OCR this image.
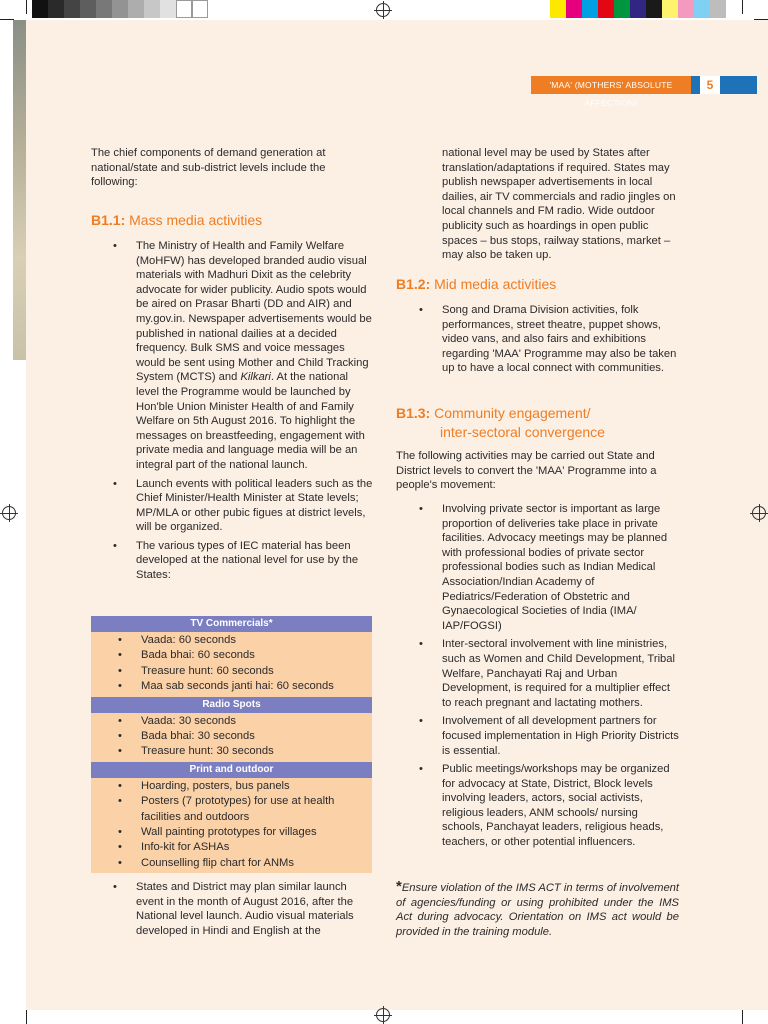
'MAA' (MOTHERS' ABSOLUTE AFFECTION)
5
The chief components of demand generation at national/state and sub-district levels include the following:
B1.1: Mass media activities
• The Ministry of Health and Family Welfare (MoHFW) has developed branded audio visual materials with Madhuri Dixit as the celebrity advocate for wider publicity. Audio spots would be aired on Prasar Bharti (DD and AIR) and my.gov.in. Newspaper advertisements would be published in national dailies at a decided frequency. Bulk SMS and voice messages would be sent using Mother and Child Tracking System (MCTS) and Kilkari. At the national level the Programme would be launched by Hon'ble Union Minister Health of and Family Welfare on 5th August 2016. To highlight the messages on breastfeeding, engagement with private media and language media will be an integral part of the national launch.
• Launch events with political leaders such as the Chief Minister/Health Minister at State levels; MP/MLA or other pubic figues at district levels, will be organized.
• The various types of IEC material has been developed at the national level for use by the States:
TV Commercials*
• Vaada: 60 seconds
• Bada bhai: 60 seconds
• Treasure hunt: 60 seconds
• Maa sab seconds janti hai: 60 seconds
Radio Spots
• Vaada: 30 seconds
• Bada bhai: 30 seconds
• Treasure hunt: 30 seconds
Print and outdoor
• Hoarding, posters, bus panels
• Posters (7 prototypes) for use at health facilities and outdoors
• Wall painting prototypes for villages
• Info-kit for ASHAs
• Counselling flip chart for ANMs
• States and District may plan similar launch event in the month of August 2016, after the National level launch. Audio visual materials developed in Hindi and English at the
national level may be used by States after translation/adaptations if required. States may publish newspaper advertisements in local dailies, air TV commercials and radio jingles on local channels and FM radio. Wide outdoor publicity such as hoardings in open public spaces – bus stops, railway stations, market – may also be taken up.
B1.2: Mid media activities
• Song and Drama Division activities, folk performances, street theatre, puppet shows, video vans, and also fairs and exhibitions regarding 'MAA' Programme may also be taken up to have a local connect with communities.
B1.3: Community engagement/
inter-sectoral convergence
The following activities may be carried out State and District levels to convert the 'MAA' Programme into a people's movement:
• Involving private sector is important as large proportion of deliveries take place in private facilities. Advocacy meetings may be planned with professional bodies of private sector professional bodies such as Indian Medical Association/Indian Academy of Pediatrics/Federation of Obstetric and Gynaecological Societies of India (IMA/ IAP/FOGSI)
• Inter-sectoral involvement with line ministries, such as Women and Child Development, Tribal Welfare, Panchayati Raj and Urban Development, is required for a multiplier effect to reach pregnant and lactating mothers.
• Involvement of all development partners for focused implementation in High Priority Districts is essential.
• Public meetings/workshops may be organized for advocacy at State, District, Block levels involving leaders, actors, social activists, religious leaders, ANM schools/ nursing schools, Panchayat leaders, religious heads, teachers, or other potential influencers.
*Ensure violation of the IMS ACT in terms of involvement of agencies/funding or using prohibited under the IMS Act during advocacy. Orientation on IMS act would be provided in the training module.
